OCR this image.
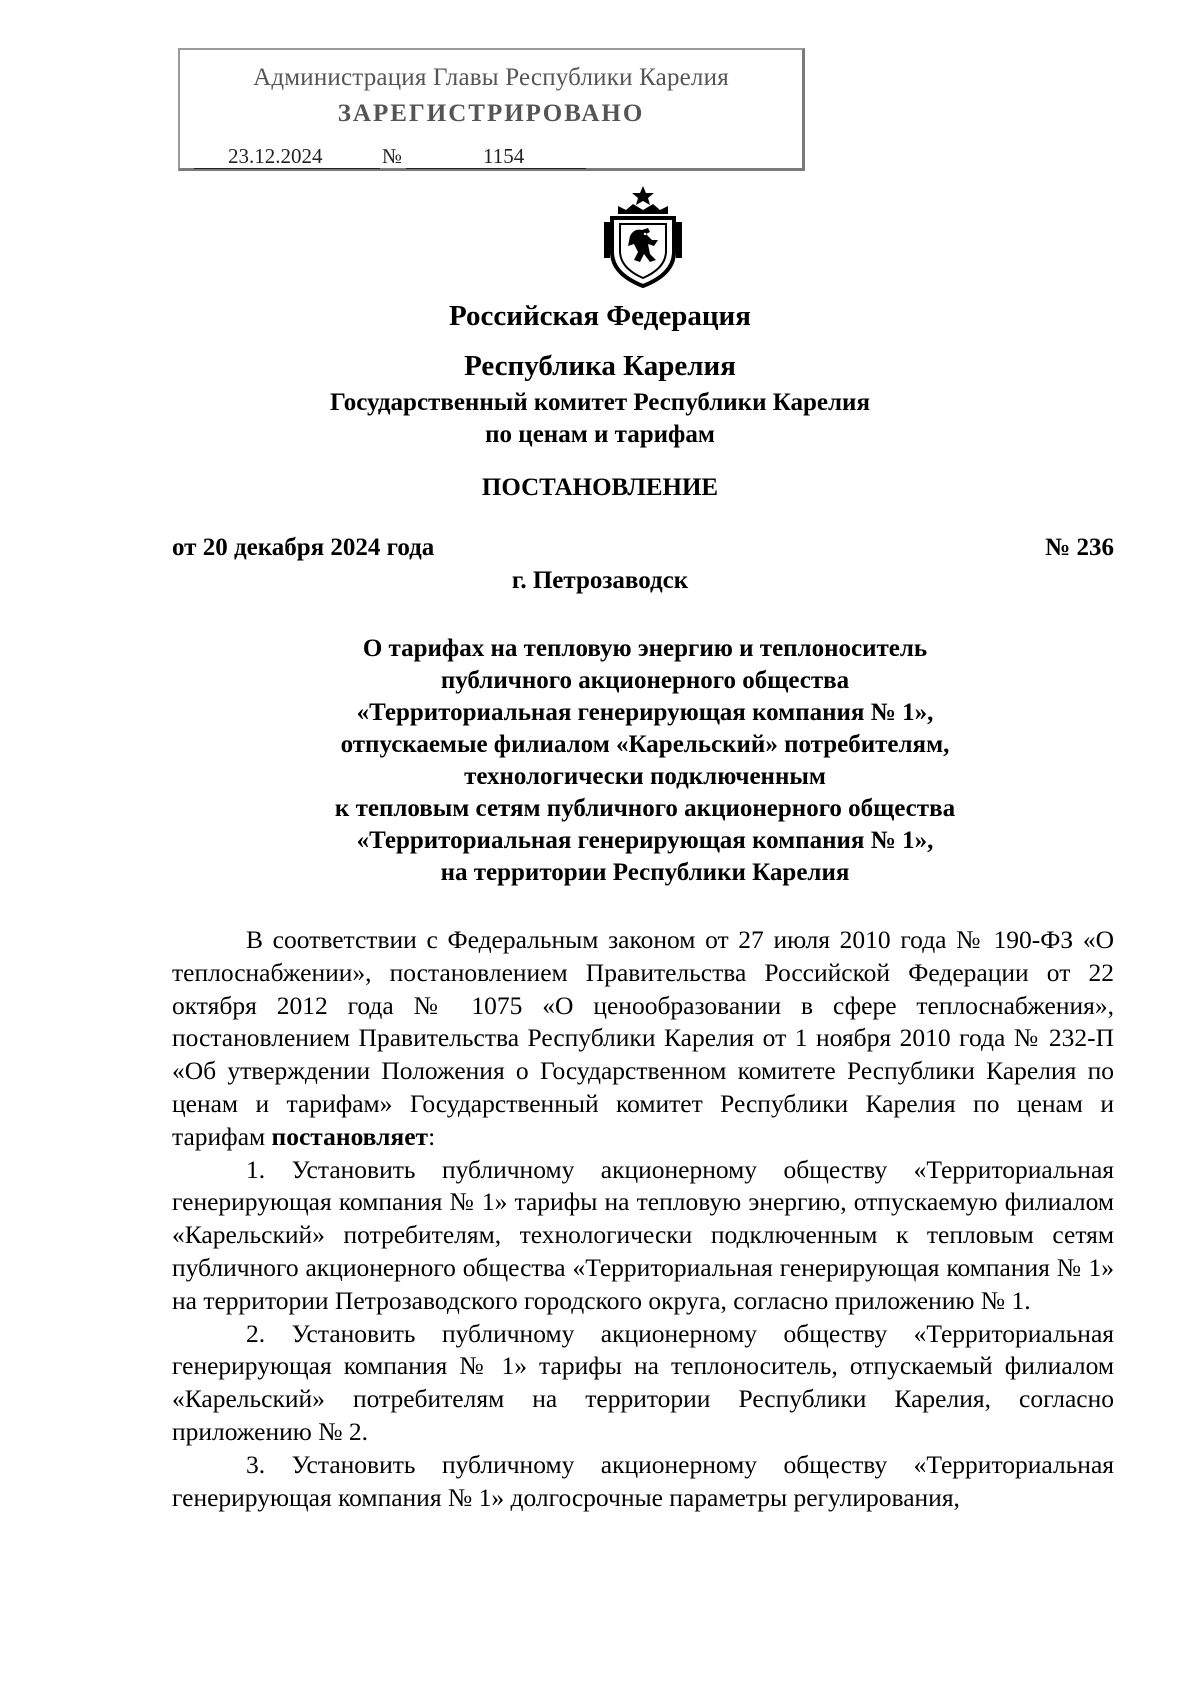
Администрация Главы Республики Карелия
ЗАРЕГИСТРИРОВАНО
23.12.2024	№	1154
Российская Федерация
Республика Карелия
Государственный комитет Республики Карелия
по ценам и тарифам
ПОСТАНОВЛЕНИЕ
от 20 декабря 2024 года	№ 236
г. Петрозаводск
О тарифах на тепловую энергию и теплоноситель
публичного акционерного общества
«Территориальная генерирующая компания № 1»,
отпускаемые филиалом «Карельский» потребителям,
технологически подключенным
к тепловым сетям публичного акционерного общества
«Территориальная генерирующая компания № 1»,
на территории Республики Карелия

В соответствии с Федеральным законом от 27 июля 2010 года № 190-ФЗ «О теплоснабжении», постановлением Правительства Российской Федерации от 22 октября 2012 года № 1075 «О ценообразовании в сфере теплоснабжения», постановлением Правительства Республики Карелия от 1 ноября 2010 года № 232-П «Об утверждении Положения о Государственном комитете Республики Карелия по ценам и тарифам» Государственный комитет Республики Карелия по ценам и тарифам постановляет:

1. Установить публичному акционерному обществу «Территориальная генерирующая компания № 1» тарифы на тепловую энергию, отпускаемую филиалом «Карельский» потребителям, технологически подключенным к тепловым сетям публичного акционерного общества «Территориальная генерирующая компания № 1» на территории Петрозаводского городского округа, согласно приложению № 1.

2. Установить публичному акционерному обществу «Территориальная генерирующая компания № 1» тарифы на теплоноситель, отпускаемый филиалом «Карельский» потребителям на территории Республики Карелия, согласно приложению № 2.

3. Установить публичному акционерному обществу «Территориальная генерирующая компания № 1» долгосрочные параметры регулирования,
